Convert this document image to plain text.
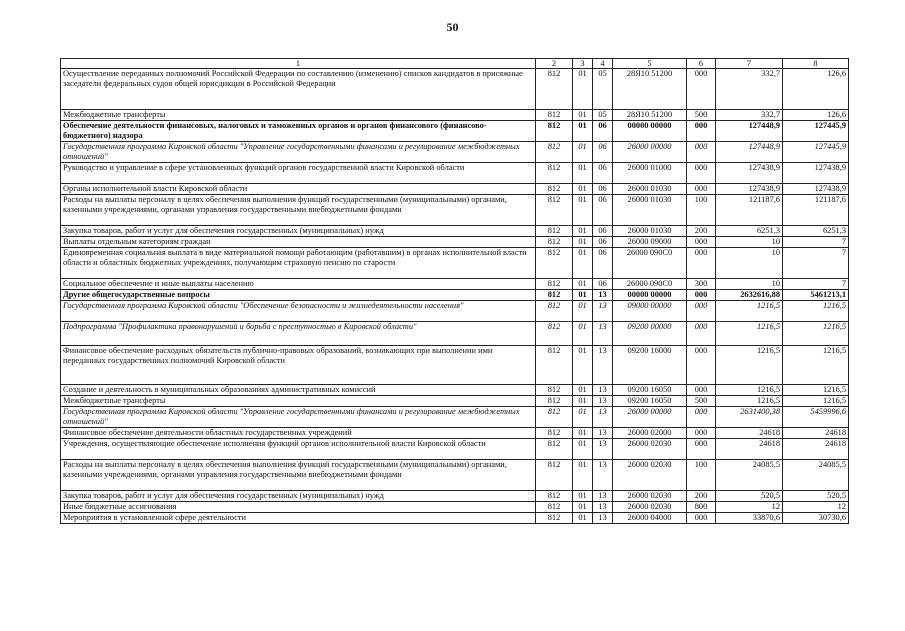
50
1	2	3	4	5	6	7	8
Осуществление переданных полномочий Российской Федерации по составлению (изменению) списков кандидатов в присяжные заседатели федеральных судов общей юрисдикции в Российской Федерации	812	01	05	28Я10 51200	000	332,7	126,6
Межбюджетные трансферты	812	01	05	28Я10 51200	500	332,7	126,6
Обеспечение деятельности финансовых, налоговых и таможенных органов и органов финансового (финансово-бюджетного) надзора	812	01	06	00000 00000	000	127448,9	127445,9
Государственная программа Кировской области "Управление государственными финансами и регулирование межбюджетных отношений"	812	01	06	26000 00000	000	127448,9	127445,9
Руководство и управление в сфере установленных функций органов государственной власти Кировской области	812	01	06	26000 01000	000	127438,9	127438,9
Органы исполнительной власти Кировской области	812	01	06	26000 01030	000	127438,9	127438,9
Расходы на выплаты персоналу в целях обеспечения выполнения функций государственными (муниципальными) органами, казенными учреждениями, органами управления государственными внебюджетными фондами	812	01	06	26000 01030	100	121187,6	121187,6
Закупка товаров, работ и услуг для обеспечения государственных (муниципальных) нужд	812	01	06	26000 01030	200	6251,3	6251,3
Выплаты отдельным категориям граждан	812	01	06	26000 09000	000	10	7
Единовременная социальная выплата в виде материальной помощи работающим (работавшим) в органах исполнительной власти области и областных бюджетных учреждениях, получающим страховую пенсию по старости	812	01	06	26000 090С0	000	10	7
Социальное обеспечение и иные выплаты населению	812	01	06	26000 090С0	300	10	7
Другие общегосударственные вопросы	812	01	13	00000 00000	000	2632616,88	5461213,1
Государственная программа Кировской области "Обеспечение безопасности и жизнедеятельности населения"	812	01	13	09000 00000	000	1216,5	1216,5
Подпрограмма "Профилактика правонарушений и борьба с преступностью в Кировской области"	812	01	13	09200 00000	000	1216,5	1216,5
Финансовое обеспечение расходных обязательств публично-правовых образований, возникающих при выполнении ими переданных государственных полномочий Кировской области	812	01	13	09200 16000	000	1216,5	1216,5
Создание и деятельность в муниципальных образованиях административных комиссий	812	01	13	09200 16050	000	1216,5	1216,5
Межбюджетные трансферты	812	01	13	09200 16050	500	1216,5	1216,5
Государственная программа Кировской области "Управление государственными финансами и регулирование межбюджетных отношений"	812	01	13	26000 00000	000	2631400,38	5459996,6
Финансовое обеспечение деятельности областных государственных учреждений	812	01	13	26000 02000	000	24618	24618
Учреждения, осуществляющие обеспечение исполнения функций органов исполнительной власти Кировской области	812	01	13	26000 02030	000	24618	24618
Расходы на выплаты персоналу в целях обеспечения выполнения функций государственными (муниципальными) органами, казенными учреждениями, органами управления государственными внебюджетными фондами	812	01	13	26000 02030	100	24085,5	24085,5
Закупка товаров, работ и услуг для обеспечения государственных (муниципальных) нужд	812	01	13	26000 02030	200	520,5	520,5
Иные бюджетные ассигнования	812	01	13	26000 02030	800	12	12
Мероприятия в установленной сфере деятельности	812	01	13	26000 04000	000	33870,6	30730,6
